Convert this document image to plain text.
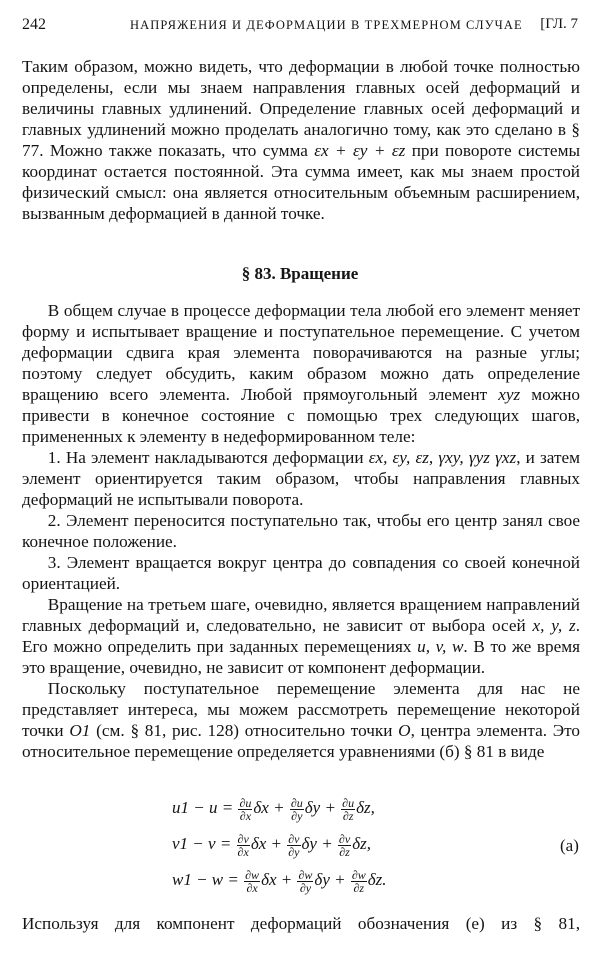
242	НАПРЯЖЕНИЯ И ДЕФОРМАЦИИ В ТРЕХМЕРНОМ СЛУЧАЕ [ГЛ. 7

Таким образом, можно видеть, что деформации в любой точке полностью определены, если мы знаем направления главных осей деформаций и величины главных удлинений. Определение главных осей деформаций и главных удлинений можно проделать аналогично тому, как это сделано в § 77. Можно также показать, что сумма εx + εy + εz при повороте системы координат остается постоянной. Эта сумма имеет, как мы знаем простой физический смысл: она является относительным объемным расширением, вызванным деформацией в данной точке.

§ 83. Вращение

В общем случае в процессе деформации тела любой его элемент меняет форму и испытывает вращение и поступательное перемещение. С учетом деформации сдвига края элемента поворачиваются на разные углы; поэтому следует обсудить, каким образом можно дать определение вращению всего элемента. Любой прямоугольный элемент xyz можно привести в конечное состояние с помощью трех следующих шагов, примененных к элементу в недеформированном теле:

1. На элемент накладываются деформации εx, εy, εz, γxy, γyz γxz, и затем элемент ориентируется таким образом, чтобы направления главных деформаций не испытывали поворота.

2. Элемент переносится поступательно так, чтобы его центр занял свое конечное положение.

3. Элемент вращается вокруг центра до совпадения со своей конечной ориентацией.

Вращение на третьем шаге, очевидно, является вращением направлений главных деформаций и, следовательно, не зависит от выбора осей x, y, z. Его можно определить при заданных перемещениях u, v, w. В то же время это вращение, очевидно, не зависит от компонент деформации.

Поскольку поступательное перемещение элемента для нас не представляет интереса, мы можем рассмотреть перемещение некоторой точки O1 (см. § 81, рис. 128) относительно точки O, центра элемента. Это относительное перемещение определяется уравнениями (б) § 81 в виде

$u1 - u = \frac{\partial u}{\partial x}$ $\delta x + \frac{\partial u}{\partial y}$ $\delta y + \frac{\partial u}{\partial z} \delta z$,
$v1 - v = \frac{\partial v}{\partial x}$ $\delta x + \frac{\partial v}{\partial y}$ $\delta y + \frac{\partial v}{\partial z} \delta z$,
$w1 - w = \frac{\partial w}{\partial x}$ $\delta x + \frac{\partial w}{\partial y}$ $\delta y + \frac{\partial w}{\partial z} \delta z$.
(а)
Используя для компонент деформаций обозначения (е) из § 81,
